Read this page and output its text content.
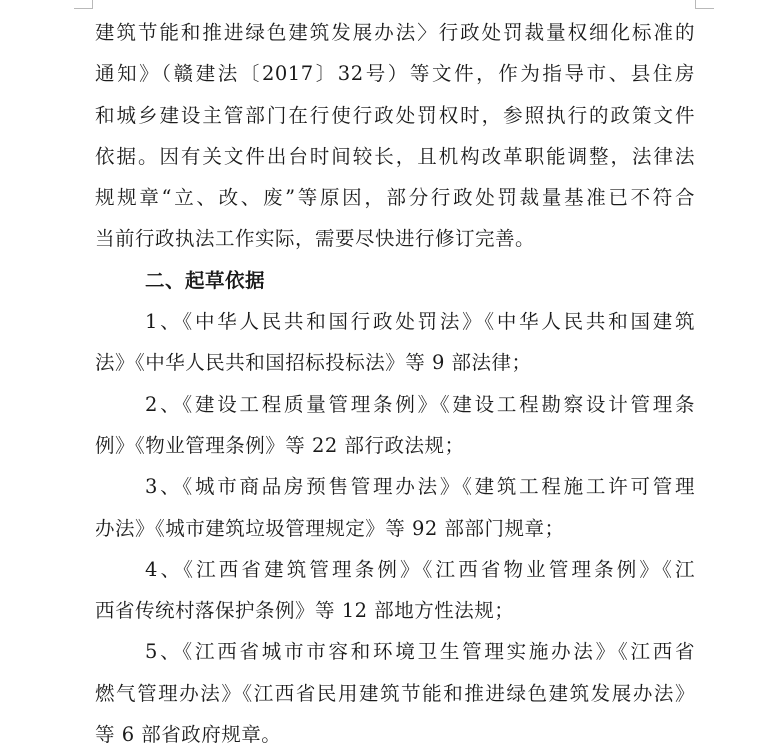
建筑节能和推进绿色建筑发展办法〉行政处罚裁量权细化标准的
通知》（赣建法〔2017〕32号）等文件，作为指导市、县住房
和城乡建设主管部门在行使行政处罚权时，参照执行的政策文件
依据。因有关文件出台时间较长，且机构改革职能调整，法律法
规规章“立、改、废”等原因，部分行政处罚裁量基准已不符合
当前行政执法工作实际，需要尽快进行修订完善。
二、起草依据
1、《中华人民共和国行政处罚法》《中华人民共和国建筑
法》《中华人民共和国招标投标法》等 9 部法律；
2、《建设工程质量管理条例》《建设工程勘察设计管理条
例》《物业管理条例》等 22 部行政法规；
3、《城市商品房预售管理办法》《建筑工程施工许可管理
办法》《城市建筑垃圾管理规定》等 92 部部门规章；
4、《江西省建筑管理条例》《江西省物业管理条例》《江
西省传统村落保护条例》等 12 部地方性法规；
5、《江西省城市市容和环境卫生管理实施办法》《江西省
燃气管理办法》《江西省民用建筑节能和推进绿色建筑发展办法》
等 6 部省政府规章。
